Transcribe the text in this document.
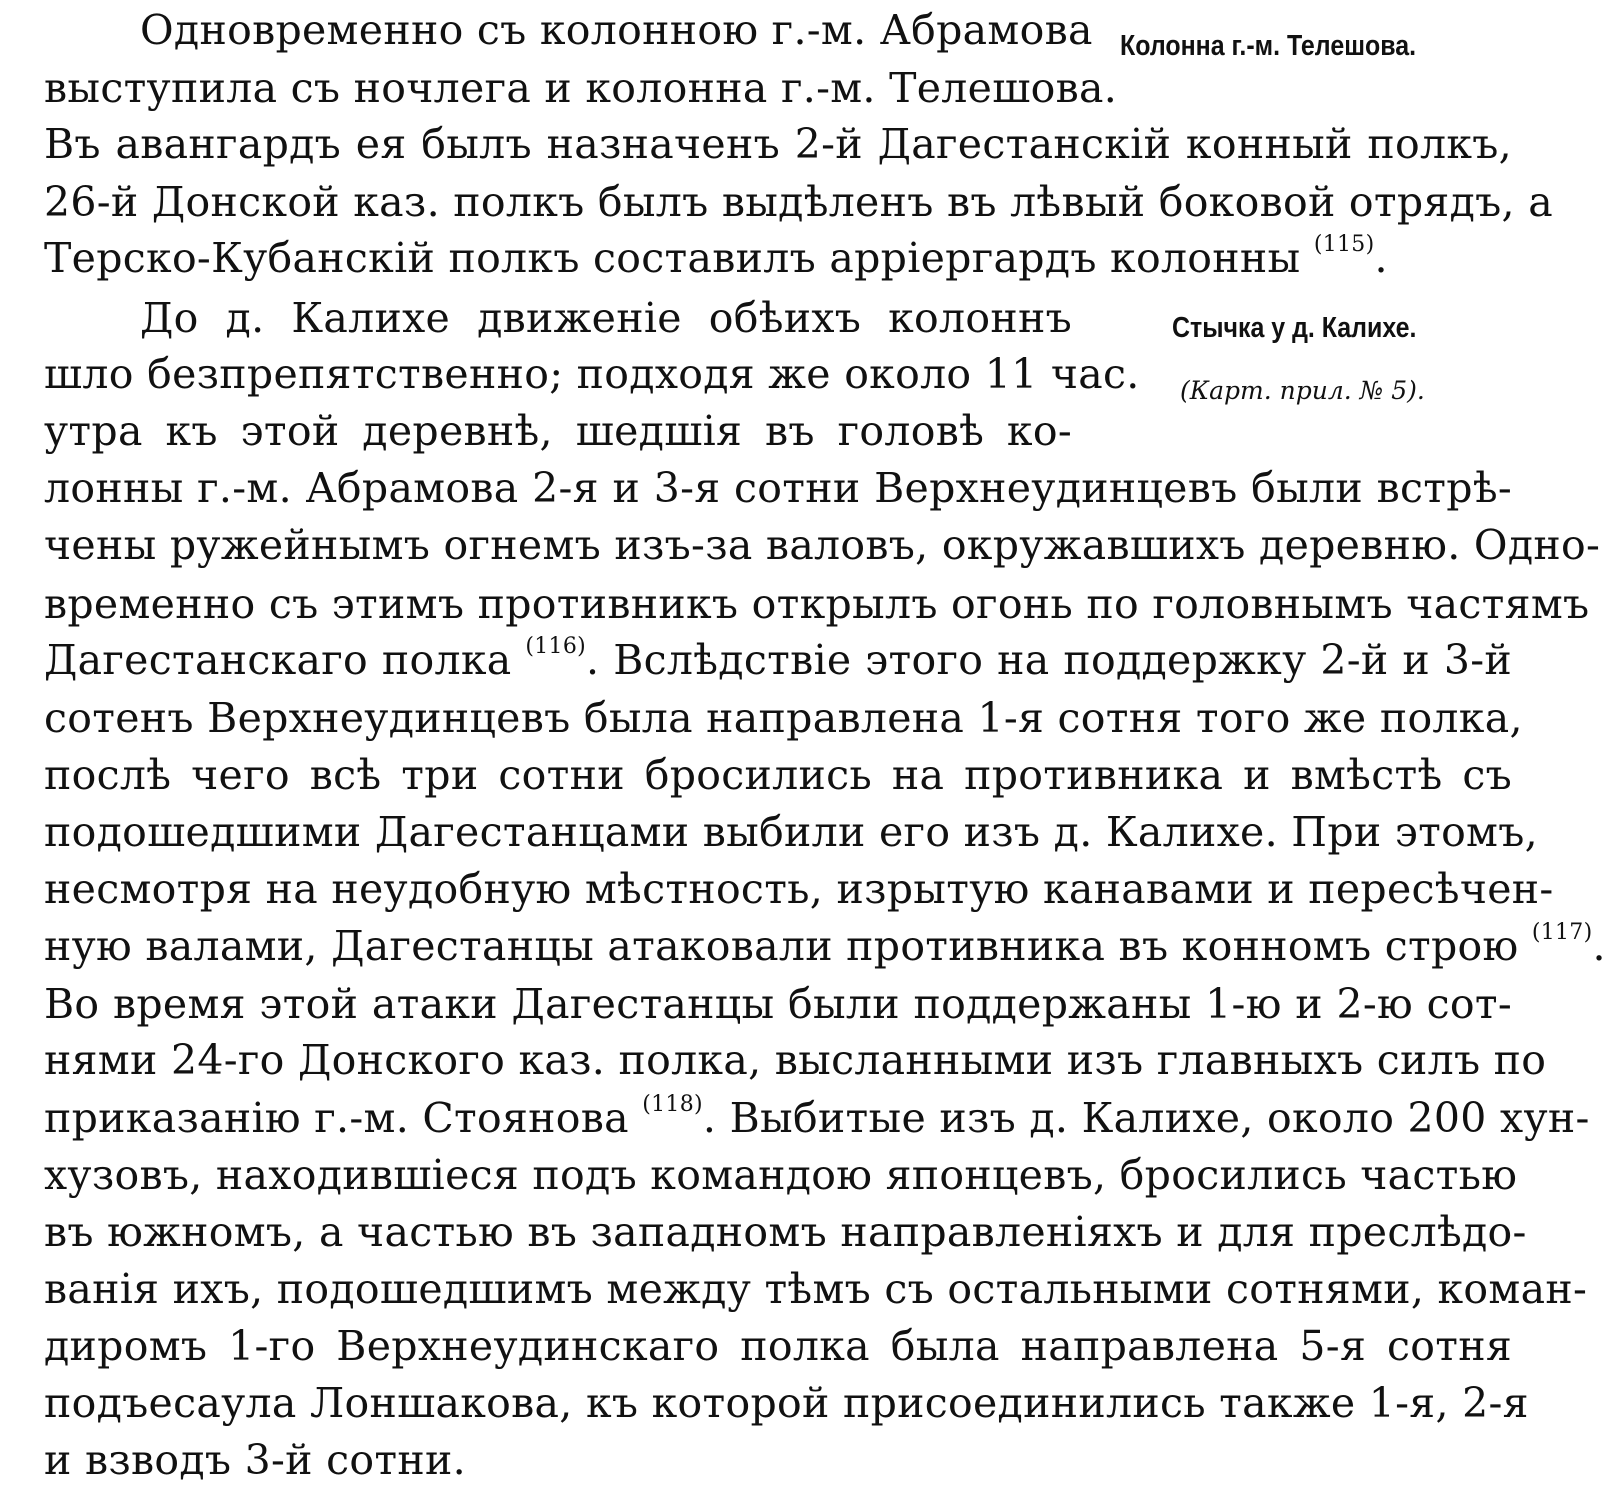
Колонна г.-м. Телешова.
Стычка у д. Калихе.
(Карт. прил. № 5).
Одновременно съ колонною г.-м. Абрамова
выступила съ ночлега и колонна г.-м. Телешова.
Въ авангардъ ея былъ назначенъ 2-й Дагестанскій конный полкъ,
26-й Донской каз. полкъ былъ выдѣленъ въ лѣвый боковой отрядъ, а
Терско-Кубанскій полкъ составилъ арріергардъ колонны $^{(115)}$.
До д. Калихе движеніе обѣихъ колоннъ
шло безпрепятственно; подходя же около 11 час.
утра къ этой деревнѣ, шедшія въ головѣ ко-
лонны г.-м. Абрамова 2-я и 3-я сотни Верхнеудинцевъ были встрѣ-
чены ружейнымъ огнемъ изъ-за валовъ, окружавшихъ деревню. Одно-
временно съ этимъ противникъ открылъ огонь по головнымъ частямъ
Дагестанскаго полка $^{(116)}$. Вслѣдствіе этого на поддержку 2-й и 3-й
сотенъ Верхнеудинцевъ была направлена 1-я сотня того же полка,
послѣ чего всѣ три сотни бросились на противника и вмѣстѣ съ
подошедшими Дагестанцами выбили его изъ д. Калихе. При этомъ,
несмотря на неудобную мѣстность, изрытую канавами и пересѣчен-
ную валами, Дагестанцы атаковали противника въ конномъ строю $^{(117)}$.
Во время этой атаки Дагестанцы были поддержаны 1-ю и 2-ю сот-
нями 24-го Донского каз. полка, высланными изъ главныхъ силъ по
приказанію г.-м. Стоянова $^{(118)}$. Выбитые изъ д. Калихе, около 200 хун-
хузовъ, находившіеся подъ командою японцевъ, бросились частью
въ южномъ, а частью въ западномъ направленіяхъ и для преслѣдо-
ванія ихъ, подошедшимъ между тѣмъ съ остальными сотнями, коман-
диромъ 1-го Верхнеудинскаго полка была направлена 5-я сотня
подъесаула Лоншакова, къ которой присоединились также 1-я, 2-я
и взводъ 3-й сотни.
